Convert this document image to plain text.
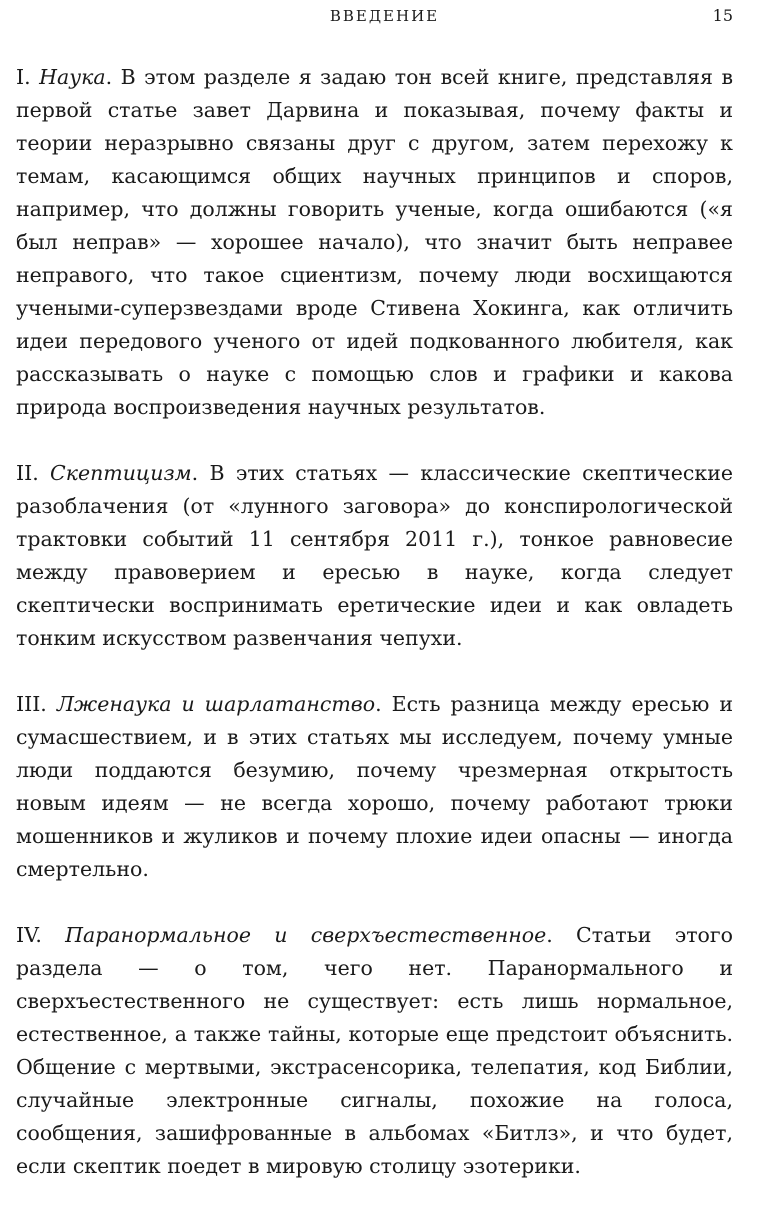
ВВЕДЕНИЕ	15

I. Наука. В этом разделе я задаю тон всей книге, представляя в первой статье завет Дарвина и показывая, почему факты и теории неразрывно связаны друг с другом, затем перехожу к темам, касающимся общих научных принципов и споров, например, что должны говорить ученые, когда ошибаются («я был неправ» — хорошее начало), что значит быть неправее неправого, что такое сциентизм, почему люди восхищаются учеными-суперзвездами вроде Стивена Хокинга, как отличить идеи передового ученого от идей подкованного любителя, как рассказывать о науке с помощью слов и графики и какова природа воспроизведения научных результатов.

II. Скептицизм. В этих статьях — классические скептические разоблачения (от «лунного заговора» до конспирологической трактовки событий 11 сентября 2011 г.), тонкое равновесие между правоверием и ересью в науке, когда следует скептически воспринимать еретические идеи и как овладеть тонким искусством развенчания чепухи.

III. Лженаука и шарлатанство. Есть разница между ересью и сумасшествием, и в этих статьях мы исследуем, почему умные люди поддаются безумию, почему чрезмерная открытость новым идеям — не всегда хорошо, почему работают трюки мошенников и жуликов и почему плохие идеи опасны — иногда смертельно.

IV. Паранормальное и сверхъестественное. Статьи этого раздела — о том, чего нет. Паранормального и сверхъестественного не существует: есть лишь нормальное, естественное, а также тайны, которые еще предстоит объяснить. Общение с мертвыми, экстрасенсорика, телепатия, код Библии, случайные электронные сигналы, похожие на голоса, сообщения, зашифрованные в альбомах «Битлз», и что будет, если скептик поедет в мировую столицу эзотерики.
